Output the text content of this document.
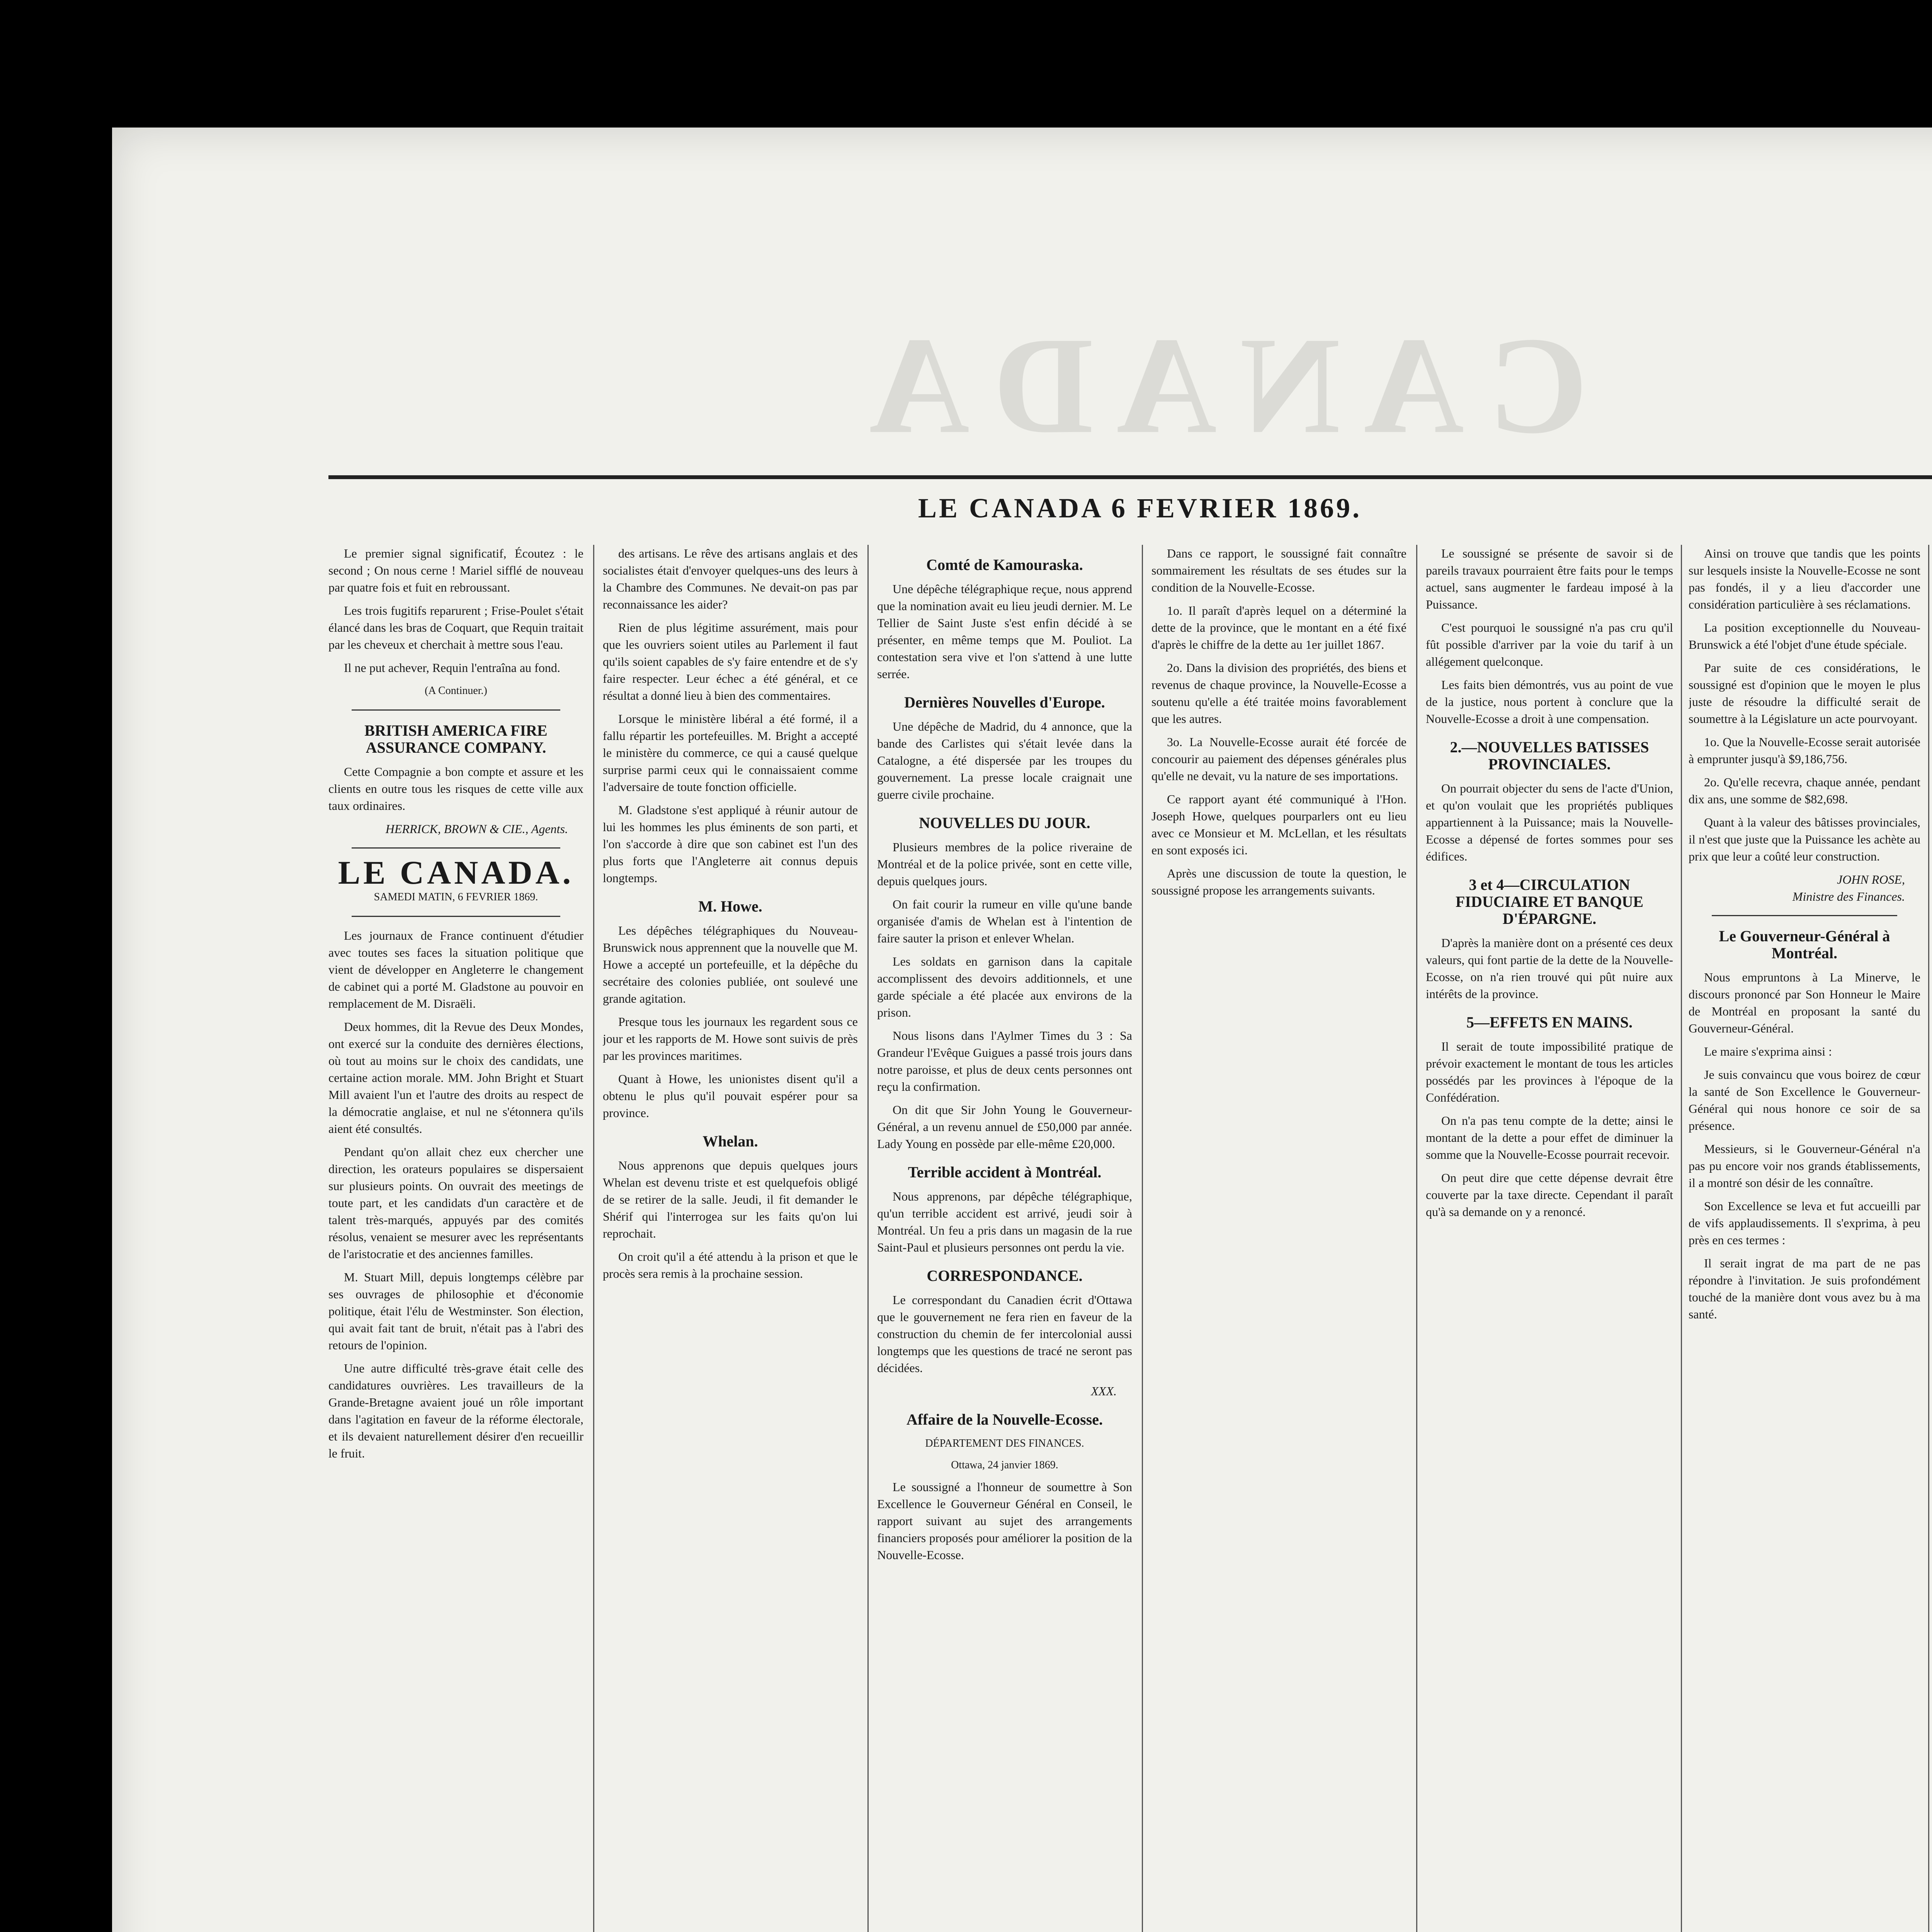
CANADA
LE CANADA 6 FEVRIER 1869.

Le premier signal significatif, Écoutez : le second ; On nous cerne ! Mariel sifflé de nouveau par quatre fois et fuit en rebroussant.

Les trois fugitifs reparurent ; Frise-Poulet s'était élancé dans les bras de Coquart, que Requin traitait par les cheveux et cherchait à mettre sous l'eau.

Il ne put achever, Requin l'entraîna au fond.

(A Continuer.)
BRITISH AMERICA FIRE ASSURANCE COMPANY.

Cette Compagnie a bon compte et assure et les clients en outre tous les risques de cette ville aux taux ordinaires.

HERRICK, BROWN & CIE., Agents.
LE CANADA.
SAMEDI MATIN, 6 FEVRIER 1869.

Les journaux de France continuent d'étudier avec toutes ses faces la situation politique que vient de développer en Angleterre le changement de cabinet qui a porté M. Gladstone au pouvoir en remplacement de M. Disraëli.

Deux hommes, dit la Revue des Deux Mondes, ont exercé sur la conduite des dernières élections, où tout au moins sur le choix des candidats, une certaine action morale. MM. John Bright et Stuart Mill avaient l'un et l'autre des droits au respect de la démocratie anglaise, et nul ne s'étonnera qu'ils aient été consultés.

Pendant qu'on allait chez eux chercher une direction, les orateurs populaires se dispersaient sur plusieurs points. On ouvrait des meetings de toute part, et les candidats d'un caractère et de talent très-marqués, appuyés par des comités résolus, venaient se mesurer avec les représentants de l'aristocratie et des anciennes familles.

M. Stuart Mill, depuis longtemps célèbre par ses ouvrages de philosophie et d'économie politique, était l'élu de Westminster. Son élection, qui avait fait tant de bruit, n'était pas à l'abri des retours de l'opinion.

Une autre difficulté très-grave était celle des candidatures ouvrières. Les travailleurs de la Grande-Bretagne avaient joué un rôle important dans l'agitation en faveur de la réforme électorale, et ils devaient naturellement désirer d'en recueillir le fruit.

des artisans. Le rêve des artisans anglais et des socialistes était d'envoyer quelques-uns des leurs à la Chambre des Communes. Ne devait-on pas par reconnaissance les aider?

Rien de plus légitime assurément, mais pour que les ouvriers soient utiles au Parlement il faut qu'ils soient capables de s'y faire entendre et de s'y faire respecter. Leur échec a été général, et ce résultat a donné lieu à bien des commentaires.

Lorsque le ministère libéral a été formé, il a fallu répartir les portefeuilles. M. Bright a accepté le ministère du commerce, ce qui a causé quelque surprise parmi ceux qui le connaissaient comme l'adversaire de toute fonction officielle.

M. Gladstone s'est appliqué à réunir autour de lui les hommes les plus éminents de son parti, et l'on s'accorde à dire que son cabinet est l'un des plus forts que l'Angleterre ait connus depuis longtemps.

M. Howe.

Les dépêches télégraphiques du Nouveau-Brunswick nous apprennent que la nouvelle que M. Howe a accepté un portefeuille, et la dépêche du secrétaire des colonies publiée, ont soulevé une grande agitation.

Presque tous les journaux les regardent sous ce jour et les rapports de M. Howe sont suivis de près par les provinces maritimes.

Quant à Howe, les unionistes disent qu'il a obtenu le plus qu'il pouvait espérer pour sa province.

Whelan.

Nous apprenons que depuis quelques jours Whelan est devenu triste et est quelquefois obligé de se retirer de la salle. Jeudi, il fit demander le Shérif qui l'interrogea sur les faits qu'on lui reprochait.

On croit qu'il a été attendu à la prison et que le procès sera remis à la prochaine session.

Comté de Kamouraska.

Une dépêche télégraphique reçue, nous apprend que la nomination avait eu lieu jeudi dernier. M. Le Tellier de Saint Juste s'est enfin décidé à se présenter, en même temps que M. Pouliot. La contestation sera vive et l'on s'attend à une lutte serrée.

Dernières Nouvelles d'Europe.

Une dépêche de Madrid, du 4 annonce, que la bande des Carlistes qui s'était levée dans la Catalogne, a été dispersée par les troupes du gouvernement. La presse locale craignait une guerre civile prochaine.

NOUVELLES DU JOUR.

Plusieurs membres de la police riveraine de Montréal et de la police privée, sont en cette ville, depuis quelques jours.

On fait courir la rumeur en ville qu'une bande organisée d'amis de Whelan est à l'intention de faire sauter la prison et enlever Whelan.

Les soldats en garnison dans la capitale accomplissent des devoirs additionnels, et une garde spéciale a été placée aux environs de la prison.

Nous lisons dans l'Aylmer Times du 3 : Sa Grandeur l'Evêque Guigues a passé trois jours dans notre paroisse, et plus de deux cents personnes ont reçu la confirmation.

On dit que Sir John Young le Gouverneur-Général, a un revenu annuel de £50,000 par année. Lady Young en possède par elle-même £20,000.

Terrible accident à Montréal.

Nous apprenons, par dépêche télégraphique, qu'un terrible accident est arrivé, jeudi soir à Montréal. Un feu a pris dans un magasin de la rue Saint-Paul et plusieurs personnes ont perdu la vie.

CORRESPONDANCE.

Le correspondant du Canadien écrit d'Ottawa que le gouvernement ne fera rien en faveur de la construction du chemin de fer intercolonial aussi longtemps que les questions de tracé ne seront pas décidées.

XXX.
Affaire de la Nouvelle-Ecosse.
DÉPARTEMENT DES FINANCES.
Ottawa, 24 janvier 1869.

Le soussigné a l'honneur de soumettre à Son Excellence le Gouverneur Général en Conseil, le rapport suivant au sujet des arrangements financiers proposés pour améliorer la position de la Nouvelle-Ecosse.

Dans ce rapport, le soussigné fait connaître sommairement les résultats de ses études sur la condition de la Nouvelle-Ecosse.

1o. Il paraît d'après lequel on a déterminé la dette de la province, que le montant en a été fixé d'après le chiffre de la dette au 1er juillet 1867.

2o. Dans la division des propriétés, des biens et revenus de chaque province, la Nouvelle-Ecosse a soutenu qu'elle a été traitée moins favorablement que les autres.

3o. La Nouvelle-Ecosse aurait été forcée de concourir au paiement des dépenses générales plus qu'elle ne devait, vu la nature de ses importations.

Ce rapport ayant été communiqué à l'Hon. Joseph Howe, quelques pourparlers ont eu lieu avec ce Monsieur et M. McLellan, et les résultats en sont exposés ici.

Après une discussion de toute la question, le soussigné propose les arrangements suivants.

Le soussigné se présente de savoir si de pareils travaux pourraient être faits pour le temps actuel, sans augmenter le fardeau imposé à la Puissance.

C'est pourquoi le soussigné n'a pas cru qu'il fût possible d'arriver par la voie du tarif à un allégement quelconque.

Les faits bien démontrés, vus au point de vue de la justice, nous portent à conclure que la Nouvelle-Ecosse a droit à une compensation.

2.—NOUVELLES BATISSES PROVINCIALES.

On pourrait objecter du sens de l'acte d'Union, et qu'on voulait que les propriétés publiques appartiennent à la Puissance; mais la Nouvelle-Ecosse a dépensé de fortes sommes pour ses édifices.

3 et 4—CIRCULATION FIDUCIAIRE ET BANQUE D'ÉPARGNE.

D'après la manière dont on a présenté ces deux valeurs, qui font partie de la dette de la Nouvelle-Ecosse, on n'a rien trouvé qui pût nuire aux intérêts de la province.

5—EFFETS EN MAINS.

Il serait de toute impossibilité pratique de prévoir exactement le montant de tous les articles possédés par les provinces à l'époque de la Confédération.

On n'a pas tenu compte de la dette; ainsi le montant de la dette a pour effet de diminuer la somme que la Nouvelle-Ecosse pourrait recevoir.

On peut dire que cette dépense devrait être couverte par la taxe directe. Cependant il paraît qu'à sa demande on y a renoncé.

Ainsi on trouve que tandis que les points sur lesquels insiste la Nouvelle-Ecosse ne sont pas fondés, il y a lieu d'accorder une considération particulière à ses réclamations.

La position exceptionnelle du Nouveau-Brunswick a été l'objet d'une étude spéciale.

Par suite de ces considérations, le soussigné est d'opinion que le moyen le plus juste de résoudre la difficulté serait de soumettre à la Législature un acte pourvoyant.

1o. Que la Nouvelle-Ecosse serait autorisée à emprunter jusqu'à $9,186,756.

2o. Qu'elle recevra, chaque année, pendant dix ans, une somme de $82,698.

Quant à la valeur des bâtisses provinciales, il n'est que juste que la Puissance les achète au prix que leur a coûté leur construction.

JOHN ROSE,
Ministre des Finances.
Le Gouverneur-Général à Montréal.

Nous empruntons à La Minerve, le discours prononcé par Son Honneur le Maire de Montréal en proposant la santé du Gouverneur-Général.

Le maire s'exprima ainsi :

Je suis convaincu que vous boirez de cœur la santé de Son Excellence le Gouverneur-Général qui nous honore ce soir de sa présence.

Messieurs, si le Gouverneur-Général n'a pas pu encore voir nos grands établissements, il a montré son désir de les connaître.

Son Excellence se leva et fut accueilli par de vifs applaudissements. Il s'exprima, à peu près en ces termes :

Il serait ingrat de ma part de ne pas répondre à l'invitation. Je suis profondément touché de la manière dont vous avez bu à ma santé.
